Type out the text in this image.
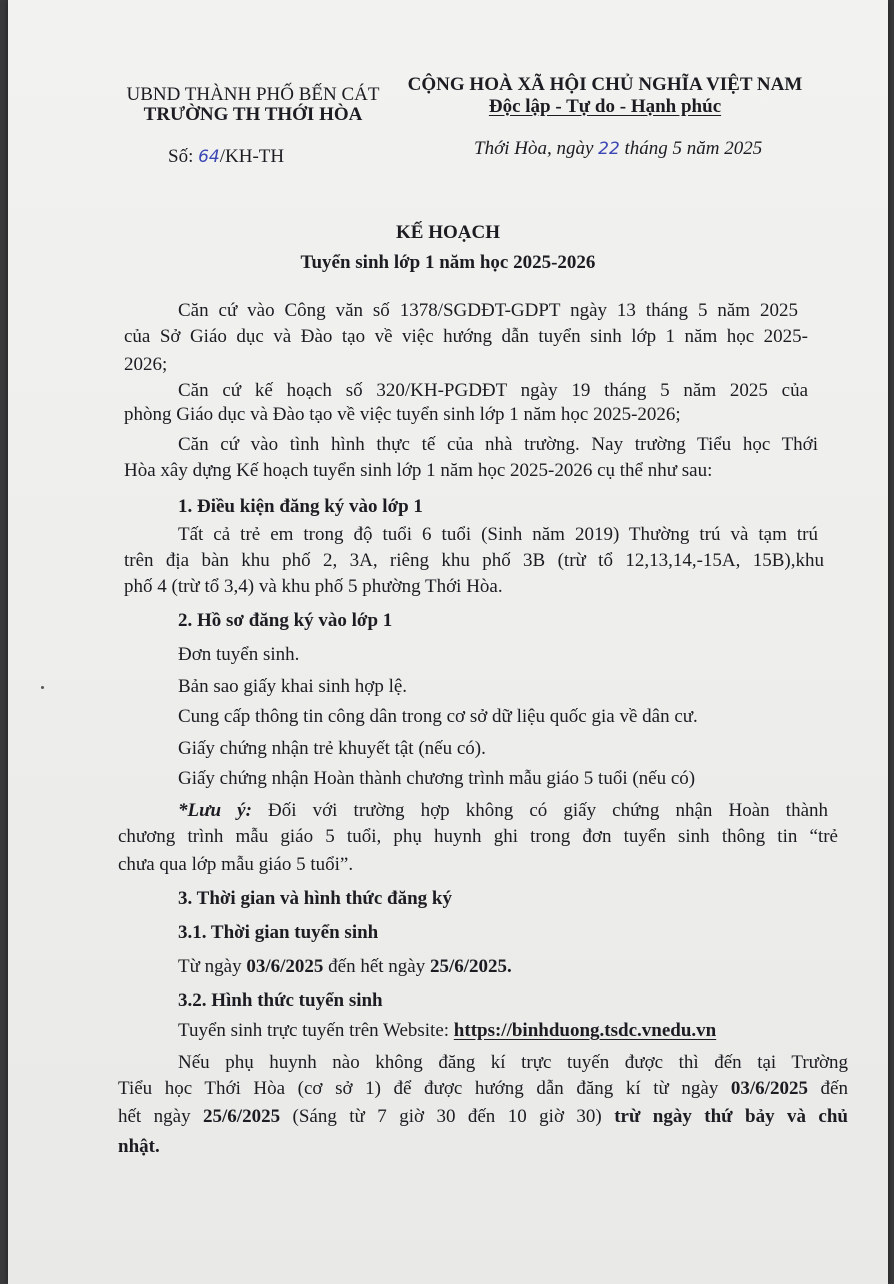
UBND THÀNH PHỐ BẾN CÁT
TRƯỜNG TH THỚI HÒA
CỘNG HOÀ XÃ HỘI CHỦ NGHĨA VIỆT NAM
Độc lập - Tự do - Hạnh phúc
Số: 64/KH-TH	Thới Hòa, ngày 22 tháng 5 năm 2025
KẾ HOẠCH
Tuyển sinh lớp 1 năm học 2025-2026
Căn cứ vào Công văn số 1378/SGDĐT-GDPT ngày 13 tháng 5 năm 2025
của Sở Giáo dục và Đào tạo về việc hướng dẫn tuyển sinh lớp 1 năm học 2025-
2026;
Căn cứ kế hoạch số 320/KH-PGDĐT ngày 19 tháng 5 năm 2025 của
phòng Giáo dục và Đào tạo về việc tuyển sinh lớp 1 năm học 2025-2026;
Căn cứ vào tình hình thực tế của nhà trường. Nay trường Tiểu học Thới
Hòa xây dựng Kế hoạch tuyển sinh lớp 1 năm học 2025-2026 cụ thể như sau:
1. Điều kiện đăng ký vào lớp 1
Tất cả trẻ em trong độ tuổi 6 tuổi (Sinh năm 2019) Thường trú và tạm trú
trên địa bàn khu phố 2, 3A, riêng khu phố 3B (trừ tổ 12,13,14,-15A, 15B),khu
phố 4 (trừ tổ 3,4) và khu phố 5 phường Thới Hòa.
2. Hồ sơ đăng ký vào lớp 1
Đơn tuyển sinh.
Bản sao giấy khai sinh hợp lệ.
Cung cấp thông tin công dân trong cơ sở dữ liệu quốc gia về dân cư.
Giấy chứng nhận trẻ khuyết tật (nếu có).
Giấy chứng nhận Hoàn thành chương trình mẫu giáo 5 tuổi (nếu có)
*Lưu ý: Đối với trường hợp không có giấy chứng nhận Hoàn thành
chương trình mẫu giáo 5 tuổi, phụ huynh ghi trong đơn tuyển sinh thông tin “trẻ
chưa qua lớp mẫu giáo 5 tuổi”.
3. Thời gian và hình thức đăng ký
3.1. Thời gian tuyển sinh
Từ ngày 03/6/2025 đến hết ngày 25/6/2025.
3.2. Hình thức tuyển sinh
Tuyển sinh trực tuyến trên Website: https://binhduong.tsdc.vnedu.vn
Nếu phụ huynh nào không đăng kí trực tuyến được thì đến tại Trường
Tiểu học Thới Hòa (cơ sở 1) để được hướng dẫn đăng kí từ ngày 03/6/2025 đến
hết ngày 25/6/2025 (Sáng từ 7 giờ 30 đến 10 giờ 30) trừ ngày thứ bảy và chủ
nhật.
